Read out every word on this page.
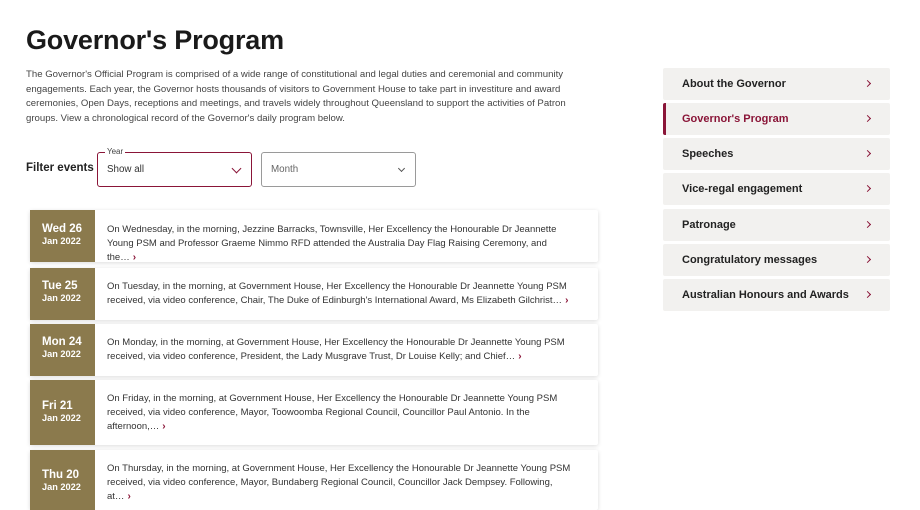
Governor's Program

The Governor's Official Program is comprised of a wide range of constitutional and legal duties and ceremonial and community engagements. Each year, the Governor hosts thousands of visitors to Government House to take part in investiture and award ceremonies, Open Days, receptions and meetings, and travels widely throughout Queensland to support the activities of Patron groups. View a chronological record of the Governor's daily program below.

Filter events
Year
Show all	Month
Wed 26
Jan 2022
On Wednesday, in the morning, Jezzine Barracks, Townsville, Her Excellency the Honourable Dr Jeannette Young PSM and Professor Graeme Nimmo RFD attended the Australia Day Flag Raising Ceremony, and the… ›
Tue 25
Jan 2022
On Tuesday, in the morning, at Government House, Her Excellency the Honourable Dr Jeannette Young PSM received, via video conference, Chair, The Duke of Edinburgh's International Award, Ms Elizabeth Gilchrist… ›
Mon 24
Jan 2022
On Monday, in the morning, at Government House, Her Excellency the Honourable Dr Jeannette Young PSM received, via video conference, President, the Lady Musgrave Trust, Dr Louise Kelly; and Chief… ›
Fri 21
Jan 2022
On Friday, in the morning, at Government House, Her Excellency the Honourable Dr Jeannette Young PSM received, via video conference, Mayor, Toowoomba Regional Council, Councillor Paul Antonio. In the afternoon,… ›
Thu 20
Jan 2022
On Thursday, in the morning, at Government House, Her Excellency the Honourable Dr Jeannette Young PSM received, via video conference, Mayor, Bundaberg Regional Council, Councillor Jack Dempsey. Following, at… ›
About the Governor
Governor's Program
Speeches
Vice-regal engagement
Patronage
Congratulatory messages
Australian Honours and Awards
